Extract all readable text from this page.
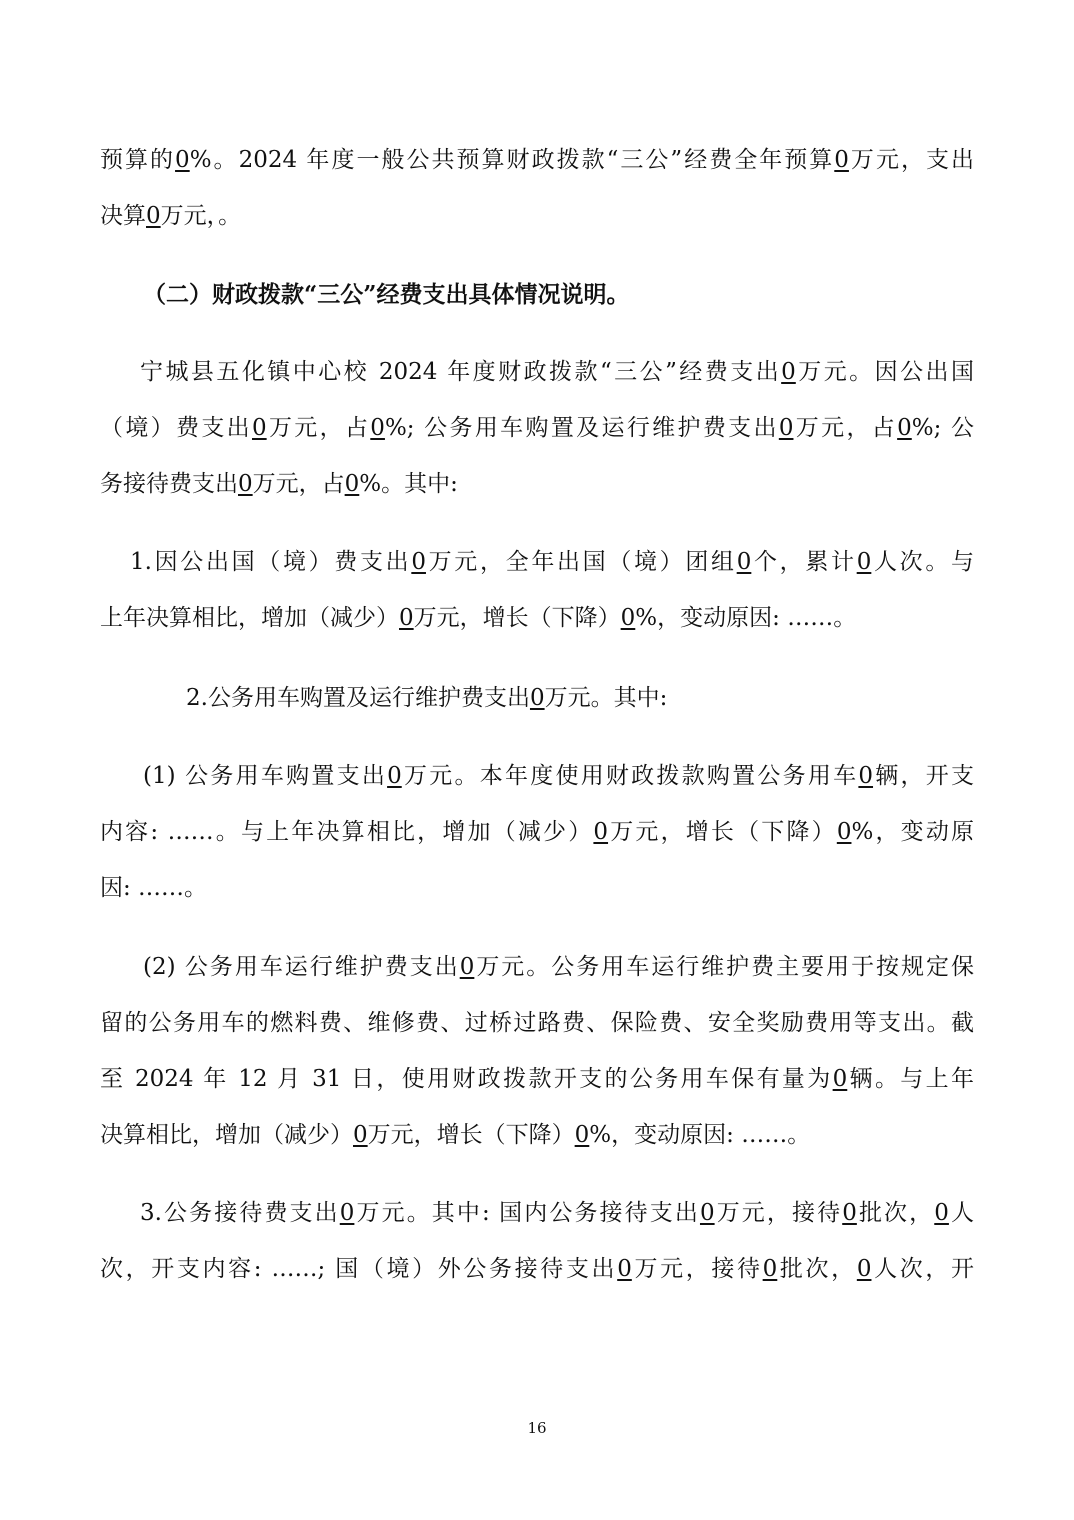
预算的0%。2024 年度一般公共预算财政拨款“三公”经费全年预算0万元，支出
决算0万元，。
（二）财政拨款“三公”经费支出具体情况说明。
宁城县五化镇中心校 2024 年度财政拨款“三公”经费支出0万元。因公出国
（境）费支出0万元，占0%; 公务用车购置及运行维护费支出0万元，占0%; 公
务接待费支出0万元，占0%。其中:
1.因公出国（境）费支出0万元，全年出国（境）团组0个，累计0人次。与
上年决算相比，增加（减少）0万元，增长（下降）0%，变动原因: ……。
2.公务用车购置及运行维护费支出0万元。其中:
(1) 公务用车购置支出0万元。本年度使用财政拨款购置公务用车0辆，开支
内容: ……。与上年决算相比，增加（减少）0万元，增长（下降）0%，变动原
因: ……。
(2) 公务用车运行维护费支出0万元。公务用车运行维护费主要用于按规定保
留的公务用车的燃料费、维修费、过桥过路费、保险费、安全奖励费用等支出。截
至 2024 年 12 月 31 日，使用财政拨款开支的公务用车保有量为0辆。与上年
决算相比，增加（减少）0万元，增长（下降）0%，变动原因: ……。
3.公务接待费支出0万元。其中: 国内公务接待支出0万元，接待0批次，0人
次，开支内容: ……; 国（境）外公务接待支出0万元，接待0批次，0人次，开
16
